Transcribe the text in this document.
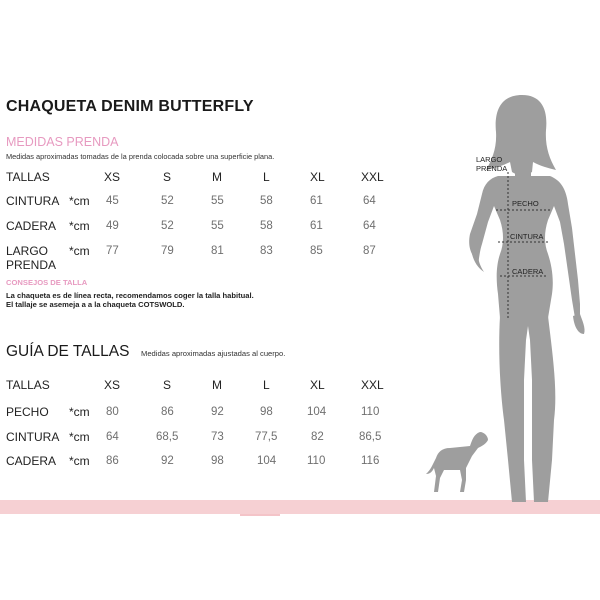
CHAQUETA DENIM BUTTERFLY
MEDIDAS PRENDA
Medidas aproximadas tomadas de la prenda colocada sobre una superficie plana.
TALLAS	XS	S	M	L	XL	XXL
CINTURA *cm 45	52	55	58	61	64
CADERA *cm 49	52	55	58	61	64
LARGO
PRENDA
*cm 77	79	81	83	85	87
CONSEJOS DE TALLA
La chaqueta es de línea recta, recomendamos coger la talla habitual.
El tallaje se asemeja a a la chaqueta COTSWOLD.
GUÍA DE TALLAS Medidas aproximadas ajustadas al cuerpo.
TALLAS	XS	S	M	L	XL	XXL
PECHO *cm 80	86	92	98	104	110
CINTURA *cm 64	68,5	73	77,5	82	86,5
CADERA *cm 86	92	98	104	110	116
LARGO
PRENDA
PECHO
CINTURA
CADERA
